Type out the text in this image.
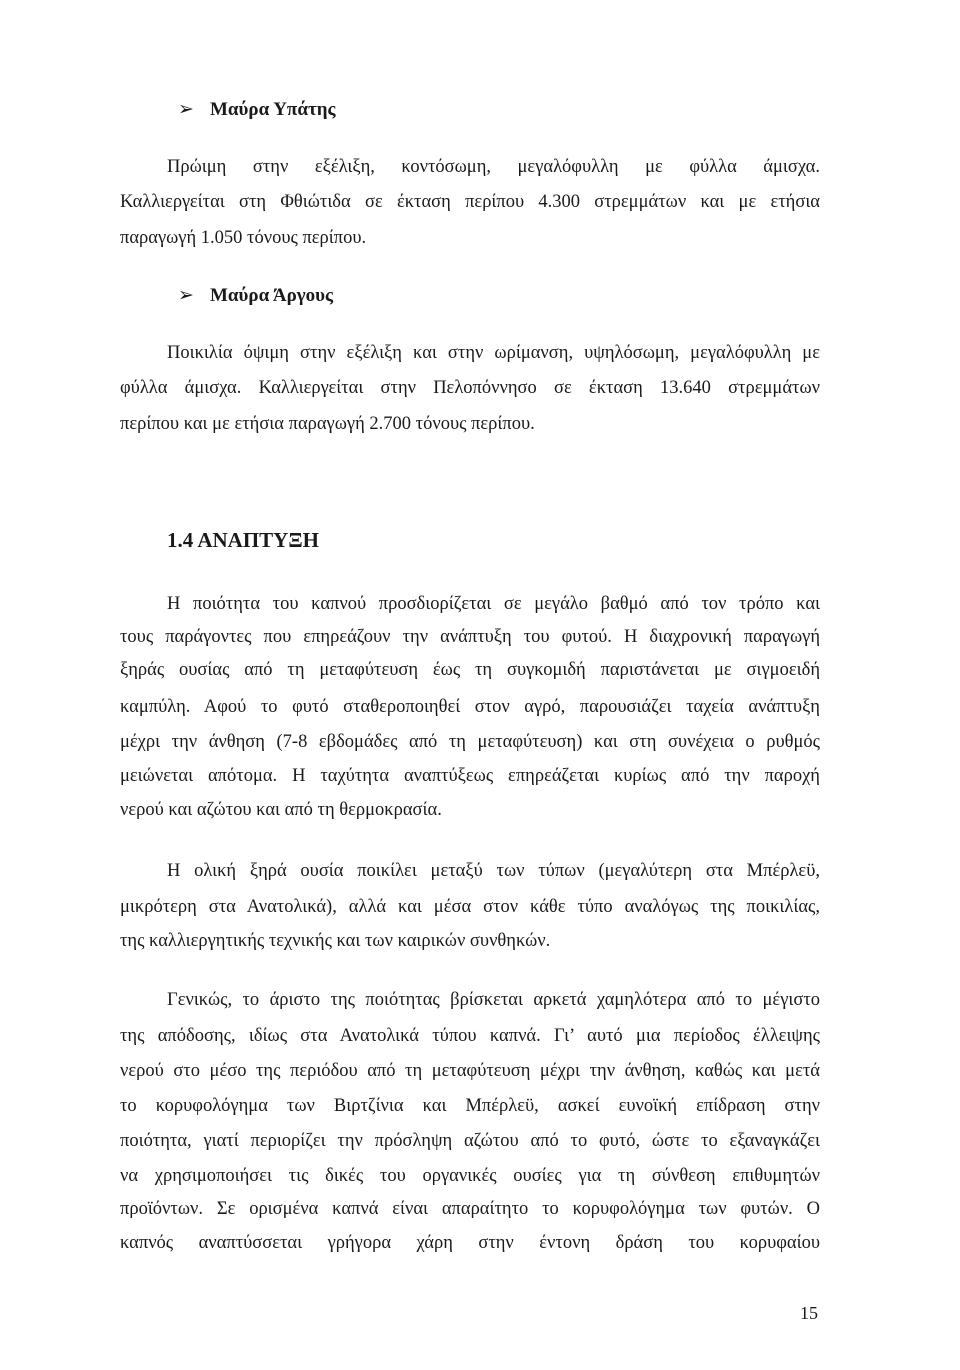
➢ Μαύρα Υπάτης
Πρώιμη στην εξέλιξη, κοντόσωμη, μεγαλόφυλλη με φύλλα άμισχα.
Καλλιεργείται στη Φθιώτιδα σε έκταση περίπου 4.300 στρεμμάτων και με ετήσια
παραγωγή 1.050 τόνους περίπου.
➢ Μαύρα Άργους
Ποικιλία όψιμη στην εξέλιξη και στην ωρίμανση, υψηλόσωμη, μεγαλόφυλλη με
φύλλα άμισχα. Καλλιεργείται στην Πελοπόννησο σε έκταση 13.640 στρεμμάτων
περίπου και με ετήσια παραγωγή 2.700 τόνους περίπου.
1.4 ΑΝΑΠΤΥΞΗ
Η ποιότητα του καπνού προσδιορίζεται σε μεγάλο βαθμό από τον τρόπο και
τους παράγοντες που επηρεάζουν την ανάπτυξη του φυτού. Η διαχρονική παραγωγή
ξηράς ουσίας από τη μεταφύτευση έως τη συγκομιδή παριστάνεται με σιγμοειδή
καμπύλη. Αφού το φυτό σταθεροποιηθεί στον αγρό, παρουσιάζει ταχεία ανάπτυξη
μέχρι την άνθηση (7-8 εβδομάδες από τη μεταφύτευση) και στη συνέχεια ο ρυθμός
μειώνεται απότομα. Η ταχύτητα αναπτύξεως επηρεάζεται κυρίως από την παροχή
νερού και αζώτου και από τη θερμοκρασία.
Η ολική ξηρά ουσία ποικίλει μεταξύ των τύπων (μεγαλύτερη στα Μπέρλεϋ,
μικρότερη στα Ανατολικά), αλλά και μέσα στον κάθε τύπο αναλόγως της ποικιλίας,
της καλλιεργητικής τεχνικής και των καιρικών συνθηκών.
Γενικώς, το άριστο της ποιότητας βρίσκεται αρκετά χαμηλότερα από το μέγιστο
της απόδοσης, ιδίως στα Ανατολικά τύπου καπνά. Γι’ αυτό μια περίοδος έλλειψης
νερού στο μέσο της περιόδου από τη μεταφύτευση μέχρι την άνθηση, καθώς και μετά
το κορυφολόγημα των Βιρτζίνια και Μπέρλεϋ, ασκεί ευνοϊκή επίδραση στην
ποιότητα, γιατί περιορίζει την πρόσληψη αζώτου από το φυτό, ώστε το εξαναγκάζει
να χρησιμοποιήσει τις δικές του οργανικές ουσίες για τη σύνθεση επιθυμητών
προϊόντων. Σε ορισμένα καπνά είναι απαραίτητο το κορυφολόγημα των φυτών. Ο
καπνός αναπτύσσεται γρήγορα χάρη στην έντονη δράση του κορυφαίου
15
